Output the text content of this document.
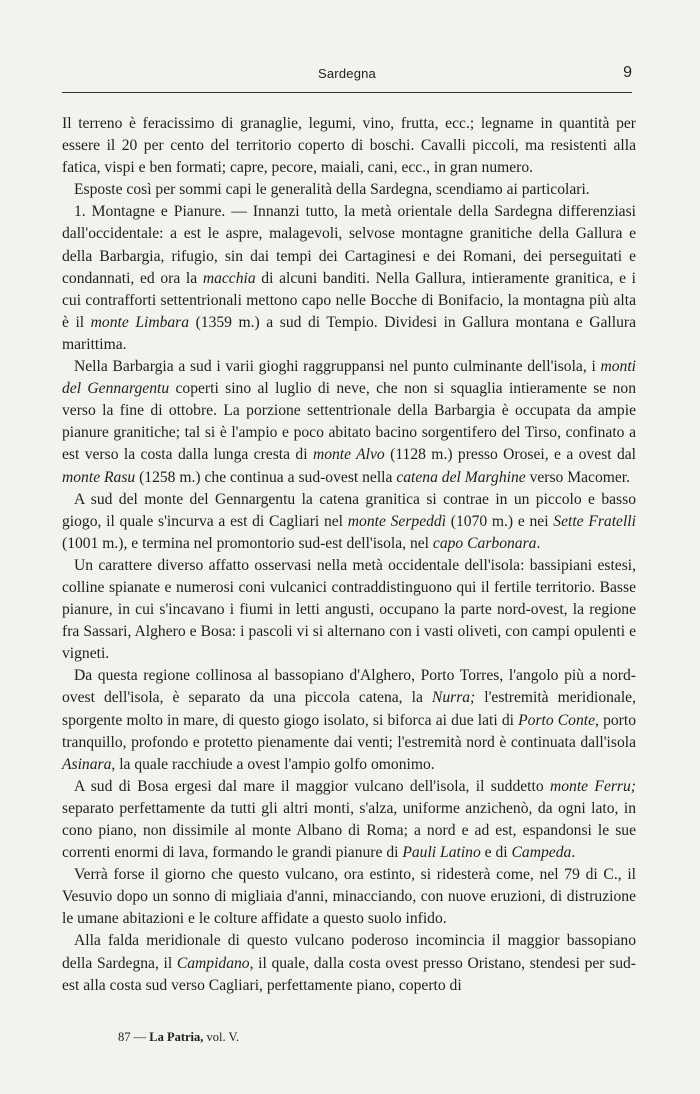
Sardegna	9

Il terreno è feracissimo di granaglie, legumi, vino, frutta, ecc.; legname in quantità per essere il 20 per cento del territorio coperto di boschi. Cavalli piccoli, ma resistenti alla fatica, vispi e ben formati; capre, pecore, maiali, cani, ecc., in gran numero.

Esposte così per sommi capi le generalità della Sardegna, scendiamo ai particolari.

1. Montagne e Pianure. — Innanzi tutto, la metà orientale della Sardegna differenziasi dall'occidentale: a est le aspre, malagevoli, selvose montagne granitiche della Gallura e della Barbargia, rifugio, sin dai tempi dei Cartaginesi e dei Romani, dei perseguitati e condannati, ed ora la macchia di alcuni banditi. Nella Gallura, intieramente granitica, e i cui contrafforti settentrionali mettono capo nelle Bocche di Bonifacio, la montagna più alta è il monte Limbara (1359 m.) a sud di Tempio. Dividesi in Gallura montana e Gallura marittima.

Nella Barbargia a sud i varii gioghi raggruppansi nel punto culminante dell'isola, i monti del Gennargentu coperti sino al luglio di neve, che non si squaglia intieramente se non verso la fine di ottobre. La porzione settentrionale della Barbargia è occupata da ampie pianure granitiche; tal si è l'ampio e poco abitato bacino sorgentifero del Tirso, confinato a est verso la costa dalla lunga cresta di monte Alvo (1128 m.) presso Orosei, e a ovest dal monte Rasu (1258 m.) che continua a sud-ovest nella catena del Marghine verso Macomer.

A sud del monte del Gennargentu la catena granitica si contrae in un piccolo e basso giogo, il quale s'incurva a est di Cagliari nel monte Serpeddì (1070 m.) e nei Sette Fratelli (1001 m.), e termina nel promontorio sud-est dell'isola, nel capo Carbonara.

Un carattere diverso affatto osservasi nella metà occidentale dell'isola: bassipiani estesi, colline spianate e numerosi coni vulcanici contraddistinguono qui il fertile territorio. Basse pianure, in cui s'incavano i fiumi in letti angusti, occupano la parte nord-ovest, la regione fra Sassari, Alghero e Bosa: i pascoli vi si alternano con i vasti oliveti, con campi opulenti e vigneti.

Da questa regione collinosa al bassopiano d'Alghero, Porto Torres, l'angolo più a nord-ovest dell'isola, è separato da una piccola catena, la Nurra; l'estremità meridionale, sporgente molto in mare, di questo giogo isolato, si biforca ai due lati di Porto Conte, porto tranquillo, profondo e protetto pienamente dai venti; l'estremità nord è continuata dall'isola Asinara, la quale racchiude a ovest l'ampio golfo omonimo.

A sud di Bosa ergesi dal mare il maggior vulcano dell'isola, il suddetto monte Ferru; separato perfettamente da tutti gli altri monti, s'alza, uniforme anzichenò, da ogni lato, in cono piano, non dissimile al monte Albano di Roma; a nord e ad est, espandonsi le sue correnti enormi di lava, formando le grandi pianure di Pauli Latino e di Campeda.

Verrà forse il giorno che questo vulcano, ora estinto, si ridesterà come, nel 79 di C., il Vesuvio dopo un sonno di migliaia d'anni, minacciando, con nuove eruzioni, di distruzione le umane abitazioni e le colture affidate a questo suolo infido.

Alla falda meridionale di questo vulcano poderoso incomincia il maggior bassopiano della Sardegna, il Campidano, il quale, dalla costa ovest presso Oristano, stendesi per sud-est alla costa sud verso Cagliari, perfettamente piano, coperto di

87 — La Patria, vol. V.
